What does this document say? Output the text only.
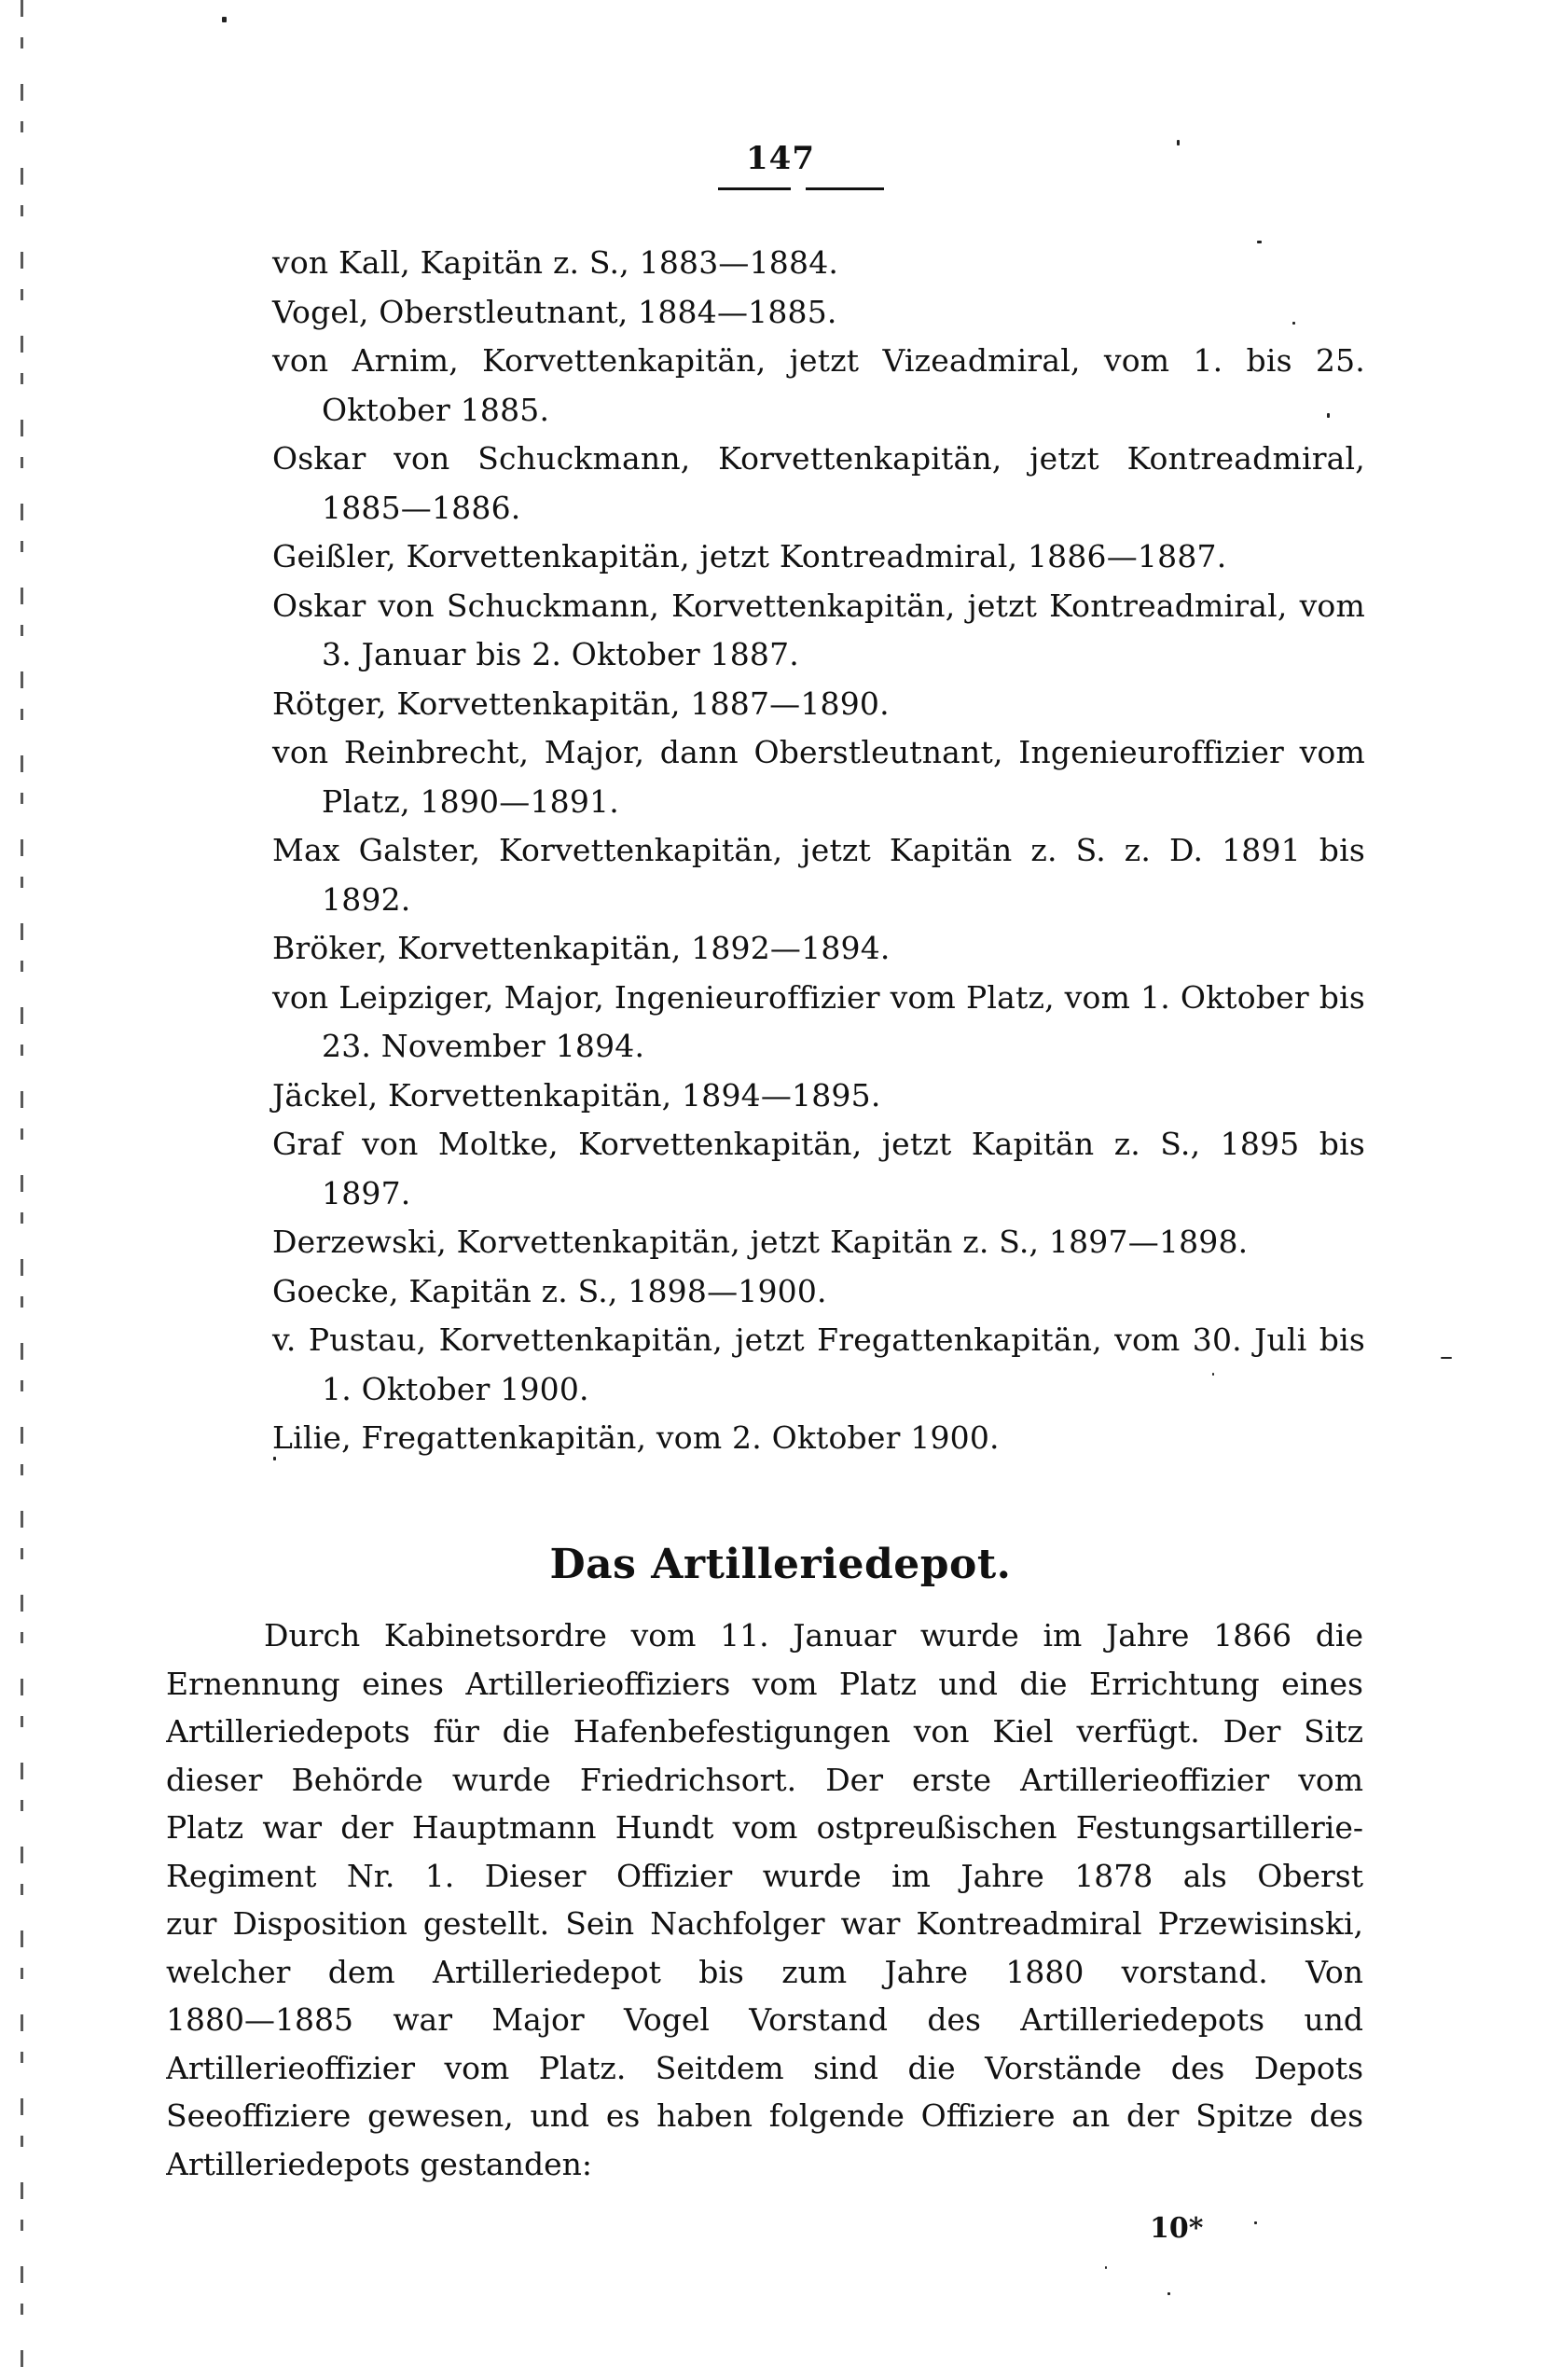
147
von Kall, Kapitän z. S., 1883—1884.
Vogel, Oberstleutnant, 1884—1885.
von Arnim, Korvettenkapitän, jetzt Vizeadmiral, vom 1. bis 25. Oktober 1885.
Oskar von Schuckmann, Korvettenkapitän, jetzt Kontreadmiral, 1885—1886.
Geißler, Korvettenkapitän, jetzt Kontreadmiral, 1886—1887.
Oskar von Schuckmann, Korvettenkapitän, jetzt Kontreadmiral, vom 3. Januar bis 2. Oktober 1887.
Rötger, Korvettenkapitän, 1887—1890.
von Reinbrecht, Major, dann Oberstleutnant, Ingenieuroffizier vom Platz, 1890—1891.
Max Galster, Korvettenkapitän, jetzt Kapitän z. S. z. D. 1891 bis 1892.
Bröker, Korvettenkapitän, 1892—1894.
von Leipziger, Major, Ingenieuroffizier vom Platz, vom 1. Oktober bis 23. November 1894.
Jäckel, Korvettenkapitän, 1894—1895.
Graf von Moltke, Korvettenkapitän, jetzt Kapitän z. S., 1895 bis 1897.
Derzewski, Korvettenkapitän, jetzt Kapitän z. S., 1897—1898.
Goecke, Kapitän z. S., 1898—1900.
v. Pustau, Korvettenkapitän, jetzt Fregattenkapitän, vom 30. Juli bis 1. Oktober 1900.
Lilie, Fregattenkapitän, vom 2. Oktober 1900.
Das Artilleriedepot.
Durch Kabinetsordre vom 11. Januar wurde im Jahre 1866 die
Ernennung eines Artillerieoffiziers vom Platz und die Errichtung eines
Artilleriedepots für die Hafenbefestigungen von Kiel verfügt. Der Sitz
dieser Behörde wurde Friedrichsort. Der erste Artillerieoffizier vom
Platz war der Hauptmann Hundt vom ostpreußischen Festungsartillerie-
Regiment Nr. 1. Dieser Offizier wurde im Jahre 1878 als Oberst
zur Disposition gestellt. Sein Nachfolger war Kontreadmiral Przewisinski,
welcher dem Artilleriedepot bis zum Jahre 1880 vorstand. Von
1880—1885 war Major Vogel Vorstand des Artilleriedepots und
Artillerieoffizier vom Platz. Seitdem sind die Vorstände des Depots
Seeoffiziere gewesen, und es haben folgende Offiziere an der Spitze des
Artilleriedepots gestanden:
10*
